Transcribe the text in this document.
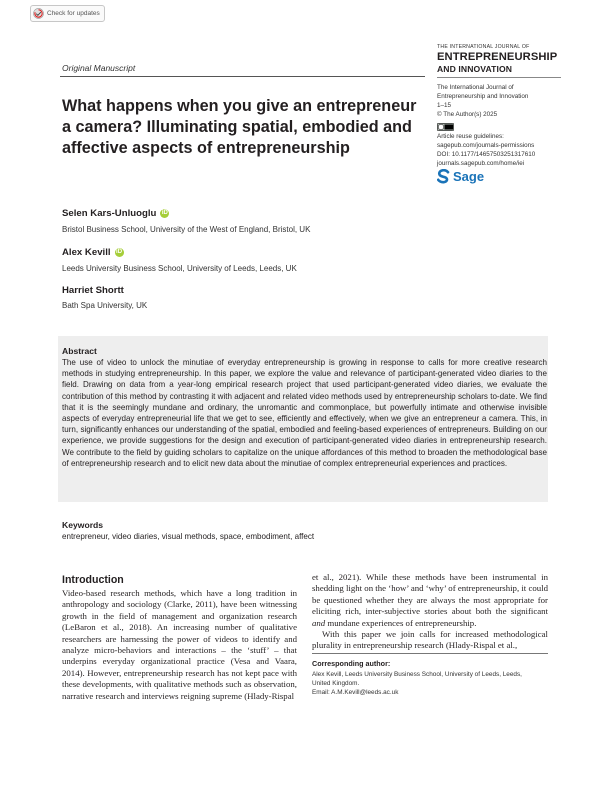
Check for updates
Original Manuscript
THE INTERNATIONAL JOURNAL OF
ENTREPRENEURSHIP
AND INNOVATION
The International Journal of
Entrepreneurship and Innovation
1–15
© The Author(s) 2025
Article reuse guidelines:
sagepub.com/journals-permissions
DOI: 10.1177/14657503251317610
journals.sagepub.com/home/iei
Sage
What happens when you give an entrepreneur a camera? Illuminating spatial, embodied and affective aspects of entrepreneurship
Selen Kars-Unluoglu iD
Bristol Business School, University of the West of England, Bristol, UK
Alex Kevill iD
Leeds University Business School, University of Leeds, Leeds, UK
Harriet Shortt
Bath Spa University, UK
Abstract
The use of video to unlock the minutiae of everyday entrepreneurship is growing in response to calls for more creative research methods in studying entrepreneurship. In this paper, we explore the value and relevance of participant-generated video diaries to the field. Drawing on data from a year-long empirical research project that used participant-generated video diaries, we evaluate the contribution of this method by contrasting it with adjacent and related video methods used by entrepreneurship scholars to-date. We find that it is the seemingly mundane and ordinary, the unromantic and commonplace, but powerfully intimate and otherwise invisible aspects of everyday entrepreneurial life that we get to see, efficiently and effectively, when we give an entrepreneur a camera. This, in turn, significantly enhances our understanding of the spatial, embodied and feeling-based experiences of entrepreneurs. Building on our experience, we provide suggestions for the design and execution of participant-generated video diaries in entrepreneurship research. We contribute to the field by guiding scholars to capitalize on the unique affordances of this method to broaden the methodological base of entrepreneurship research and to elicit new data about the minutiae of complex entrepreneurial experiences and practices.
Keywords
entrepreneur, video diaries, visual methods, space, embodiment, affect
Introduction
Video-based research methods, which have a long tradition in anthropology and sociology (Clarke, 2011), have been witnessing growth in the field of management and organization research (LeBaron et al., 2018). An increasing number of qualitative researchers are harnessing the power of videos to identify and analyze micro-behaviors and interactions – the ‘stuff’ – that underpins everyday organizational practice (Vesa and Vaara, 2014). However, entrepreneurship research has not kept pace with these developments, with qualitative methods such as observation, narrative research and interviews reigning supreme (Hlady-Rispal
et al., 2021). While these methods have been instrumental in shedding light on the ‘how’ and ‘why’ of entrepreneurship, it could be questioned whether they are always the most appropriate for eliciting rich, inter-subjective stories about both the significant and mundane experiences of entrepreneurship.
With this paper we join calls for increased methodological plurality in entrepreneurship research (Hlady-Rispal et al.,
Corresponding author:
Alex Kevill, Leeds University Business School, University of Leeds, Leeds,
United Kingdom.
Email: A.M.Kevill@leeds.ac.uk
